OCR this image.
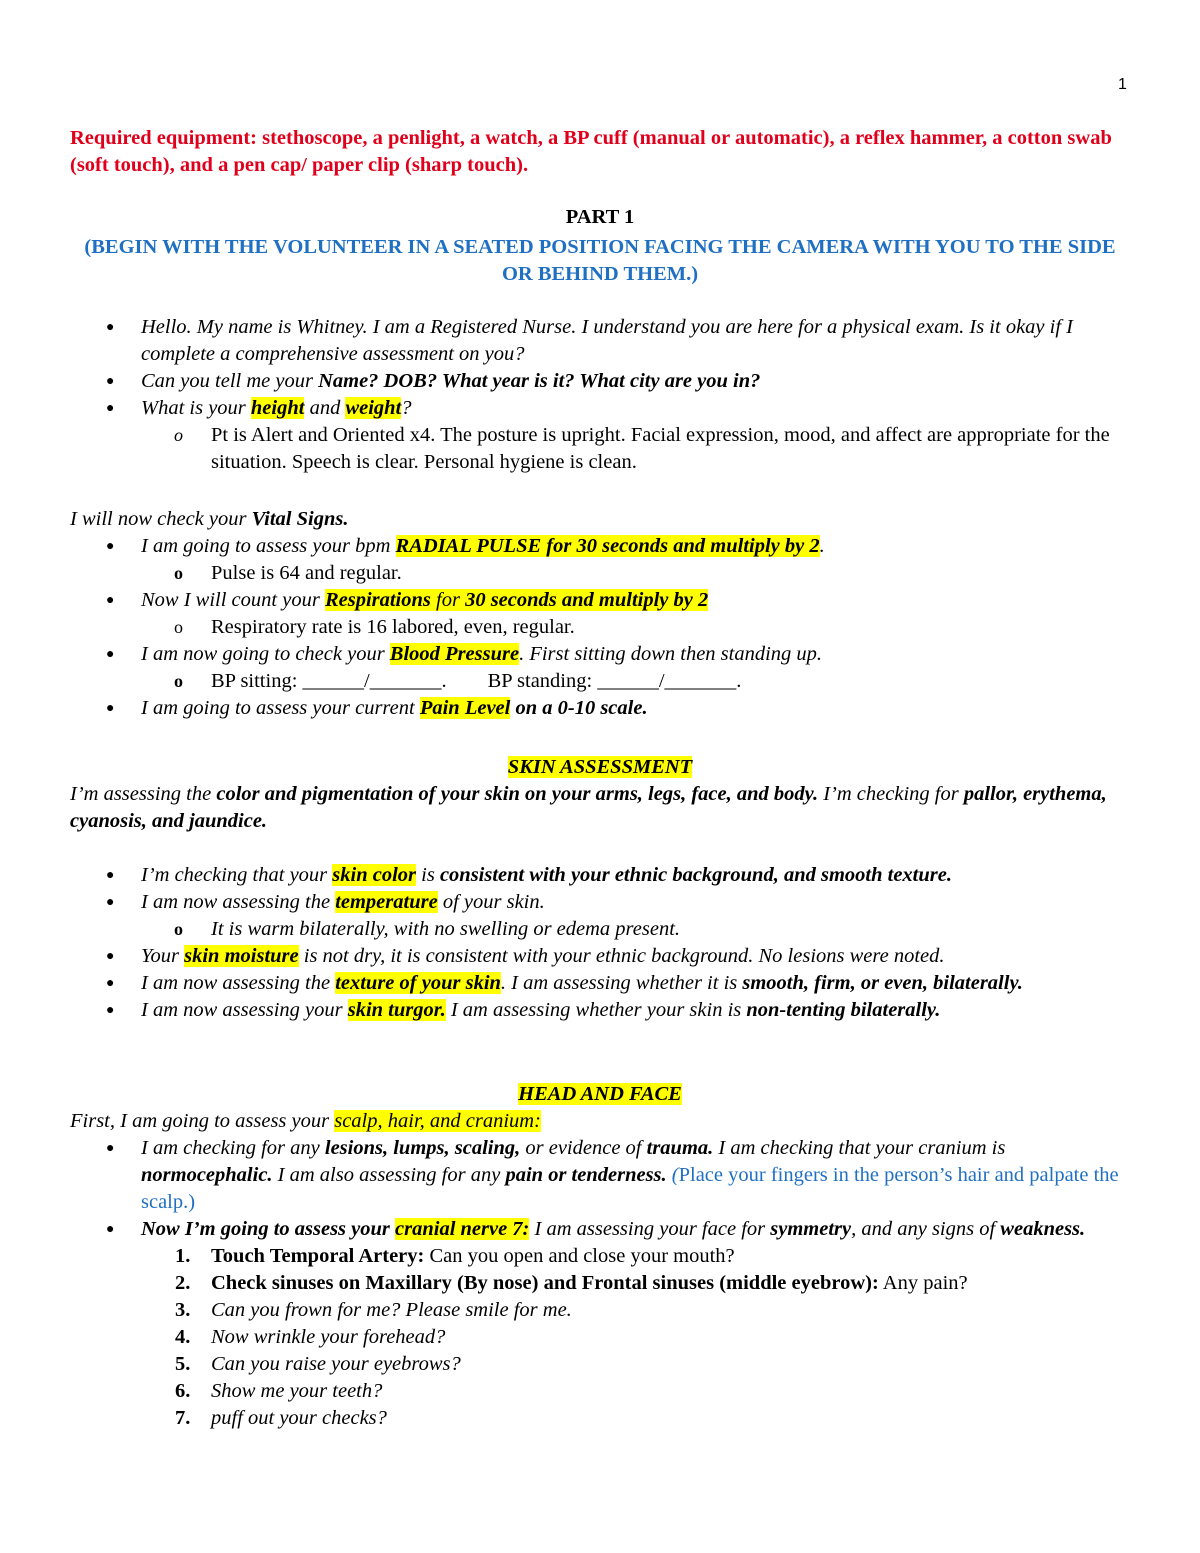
1
Required equipment: stethoscope, a penlight, a watch, a BP cuff (manual or automatic), a reflex hammer, a cotton swab (soft touch), and a pen cap/ paper clip (sharp touch).
PART 1
(BEGIN WITH THE VOLUNTEER IN A SEATED POSITION FACING THE CAMERA WITH YOU TO THE SIDE OR BEHIND THEM.)
● Hello. My name is Whitney. I am a Registered Nurse. I understand you are here for a physical exam. Is it okay if I complete a comprehensive assessment on you?
● Can you tell me your Name? DOB? What year is it? What city are you in?
● What is your height and weight?
o Pt is Alert and Oriented x4. The posture is upright. Facial expression, mood, and affect are appropriate for the situation. Speech is clear. Personal hygiene is clean.
I will now check your Vital Signs.
● I am going to assess your bpm RADIAL PULSE for 30 seconds and multiply by 2.
o Pulse is 64 and regular.
● Now I will count your Respirations for 30 seconds and multiply by 2
o Respiratory rate is 16 labored, even, regular.
● I am now going to check your Blood Pressure. First sitting down then standing up.
o BP sitting: ______/_______.        BP standing: ______/_______.
● I am going to assess your current Pain Level on a 0-10 scale.
SKIN ASSESSMENT
I’m assessing the color and pigmentation of your skin on your arms, legs, face, and body. I’m checking for pallor, erythema, cyanosis, and jaundice.
● I’m checking that your skin color is consistent with your ethnic background, and smooth texture.
● I am now assessing the temperature of your skin.
o It is warm bilaterally, with no swelling or edema present.
● Your skin moisture is not dry, it is consistent with your ethnic background. No lesions were noted.
● I am now assessing the texture of your skin. I am assessing whether it is smooth, firm, or even, bilaterally.
● I am now assessing your skin turgor. I am assessing whether your skin is non-tenting bilaterally.
HEAD AND FACE
First, I am going to assess your scalp, hair, and cranium:
● I am checking for any lesions, lumps, scaling, or evidence of trauma. I am checking that your cranium is normocephalic. I am also assessing for any pain or tenderness. (Place your fingers in the person’s hair and palpate the scalp.)
● Now I’m going to assess your cranial nerve 7: I am assessing your face for symmetry, and any signs of weakness.
1. Touch Temporal Artery: Can you open and close your mouth?
2. Check sinuses on Maxillary (By nose) and Frontal sinuses (middle eyebrow): Any pain?
3. Can you frown for me? Please smile for me.
4. Now wrinkle your forehead?
5. Can you raise your eyebrows?
6. Show me your teeth?
7. puff out your checks?
